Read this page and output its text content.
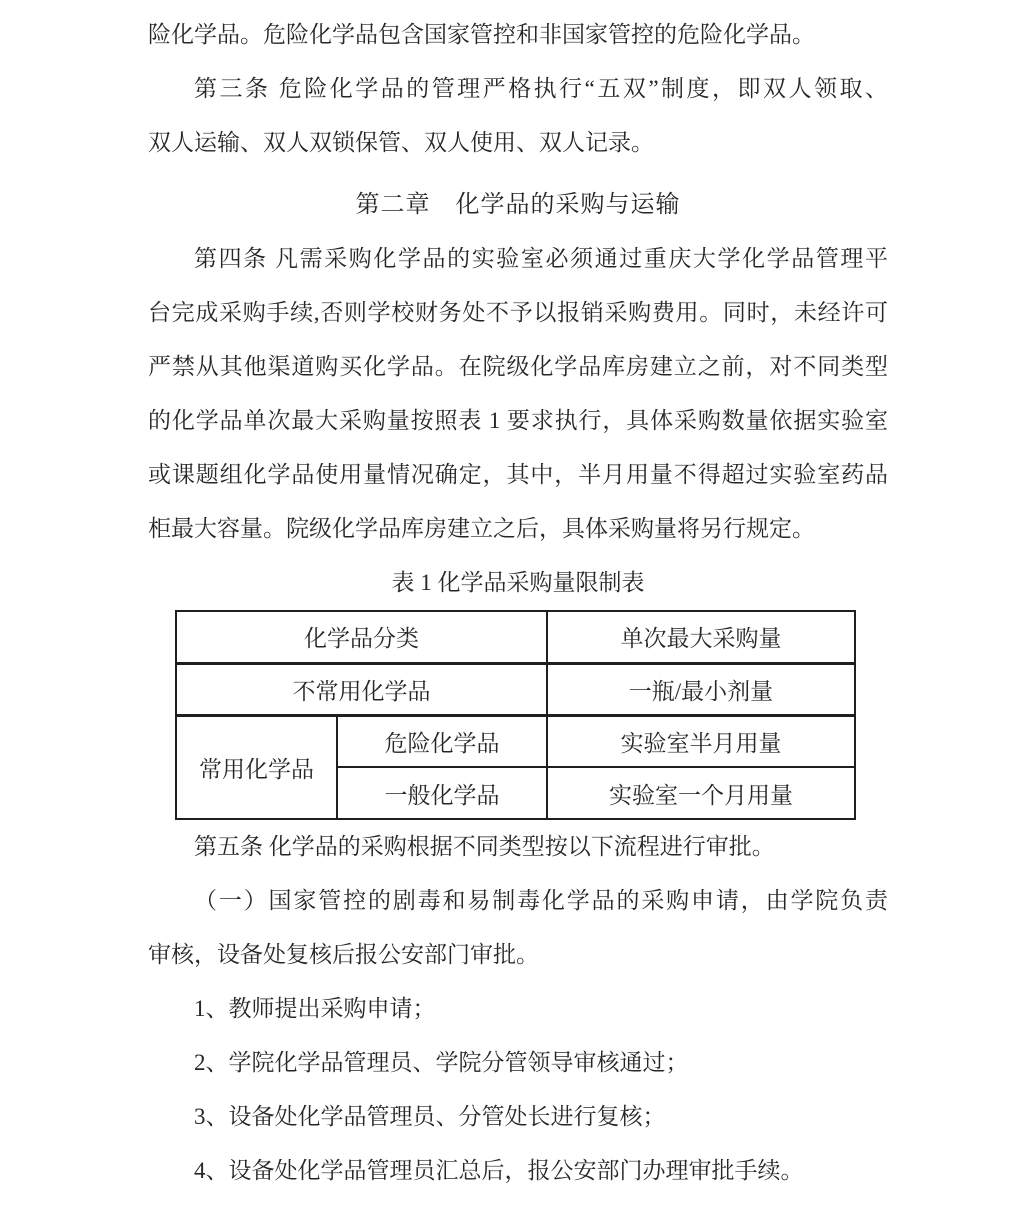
险化学品。危险化学品包含国家管控和非国家管控的危险化学品。
第三条 危险化学品的管理严格执行“五双”制度，即双人领取、
双人运输、双人双锁保管、双人使用、双人记录。
第二章　化学品的采购与运输
第四条 凡需采购化学品的实验室必须通过重庆大学化学品管理平
台完成采购手续,否则学校财务处不予以报销采购费用。同时，未经许可
严禁从其他渠道购买化学品。在院级化学品库房建立之前，对不同类型
的化学品单次最大采购量按照表 1 要求执行，具体采购数量依据实验室
或课题组化学品使用量情况确定，其中，半月用量不得超过实验室药品
柜最大容量。院级化学品库房建立之后，具体采购量将另行规定。
表 1 化学品采购量限制表
化学品分类		单次最大采购量
不常用化学品		一瓶/最小剂量
常用化学品	危险化学品	实验室半月用量
	一般化学品	实验室一个月用量
第五条 化学品的采购根据不同类型按以下流程进行审批。
（一）国家管控的剧毒和易制毒化学品的采购申请，由学院负责
审核，设备处复核后报公安部门审批。
1、教师提出采购申请；
2、学院化学品管理员、学院分管领导审核通过；
3、设备处化学品管理员、分管处长进行复核；
4、设备处化学品管理员汇总后，报公安部门办理审批手续。
